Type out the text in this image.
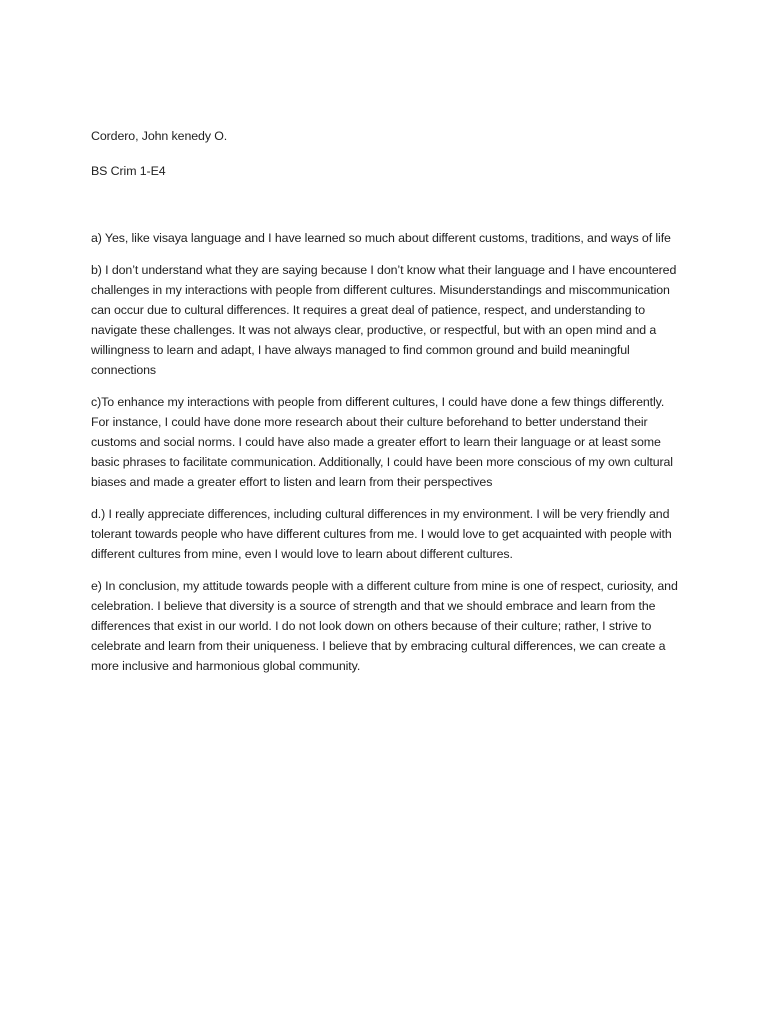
Cordero, John kenedy O.

BS Crim 1-E4

a) Yes, like visaya language and I have learned so much about different customs, traditions, and ways of life

b) I don’t understand what they are saying because I don’t know what their language and I have encountered challenges in my interactions with people from different cultures. Misunderstandings and miscommunication can occur due to cultural differences. It requires a great deal of patience, respect, and understanding to navigate these challenges. It was not always clear, productive, or respectful, but with an open mind and a willingness to learn and adapt, I have always managed to find common ground and build meaningful connections

c)To enhance my interactions with people from different cultures, I could have done a few things differently. For instance, I could have done more research about their culture beforehand to better understand their customs and social norms. I could have also made a greater effort to learn their language or at least some basic phrases to facilitate communication. Additionally, I could have been more conscious of my own cultural biases and made a greater effort to listen and learn from their perspectives

d.) I really appreciate differences, including cultural differences in my environment. I will be very friendly and tolerant towards people who have different cultures from me. I would love to get acquainted with people with different cultures from mine, even I would love to learn about different cultures.

e) In conclusion, my attitude towards people with a different culture from mine is one of respect, curiosity, and celebration. I believe that diversity is a source of strength and that we should embrace and learn from the differences that exist in our world. I do not look down on others because of their culture; rather, I strive to celebrate and learn from their uniqueness. I believe that by embracing cultural differences, we can create a more inclusive and harmonious global community.
